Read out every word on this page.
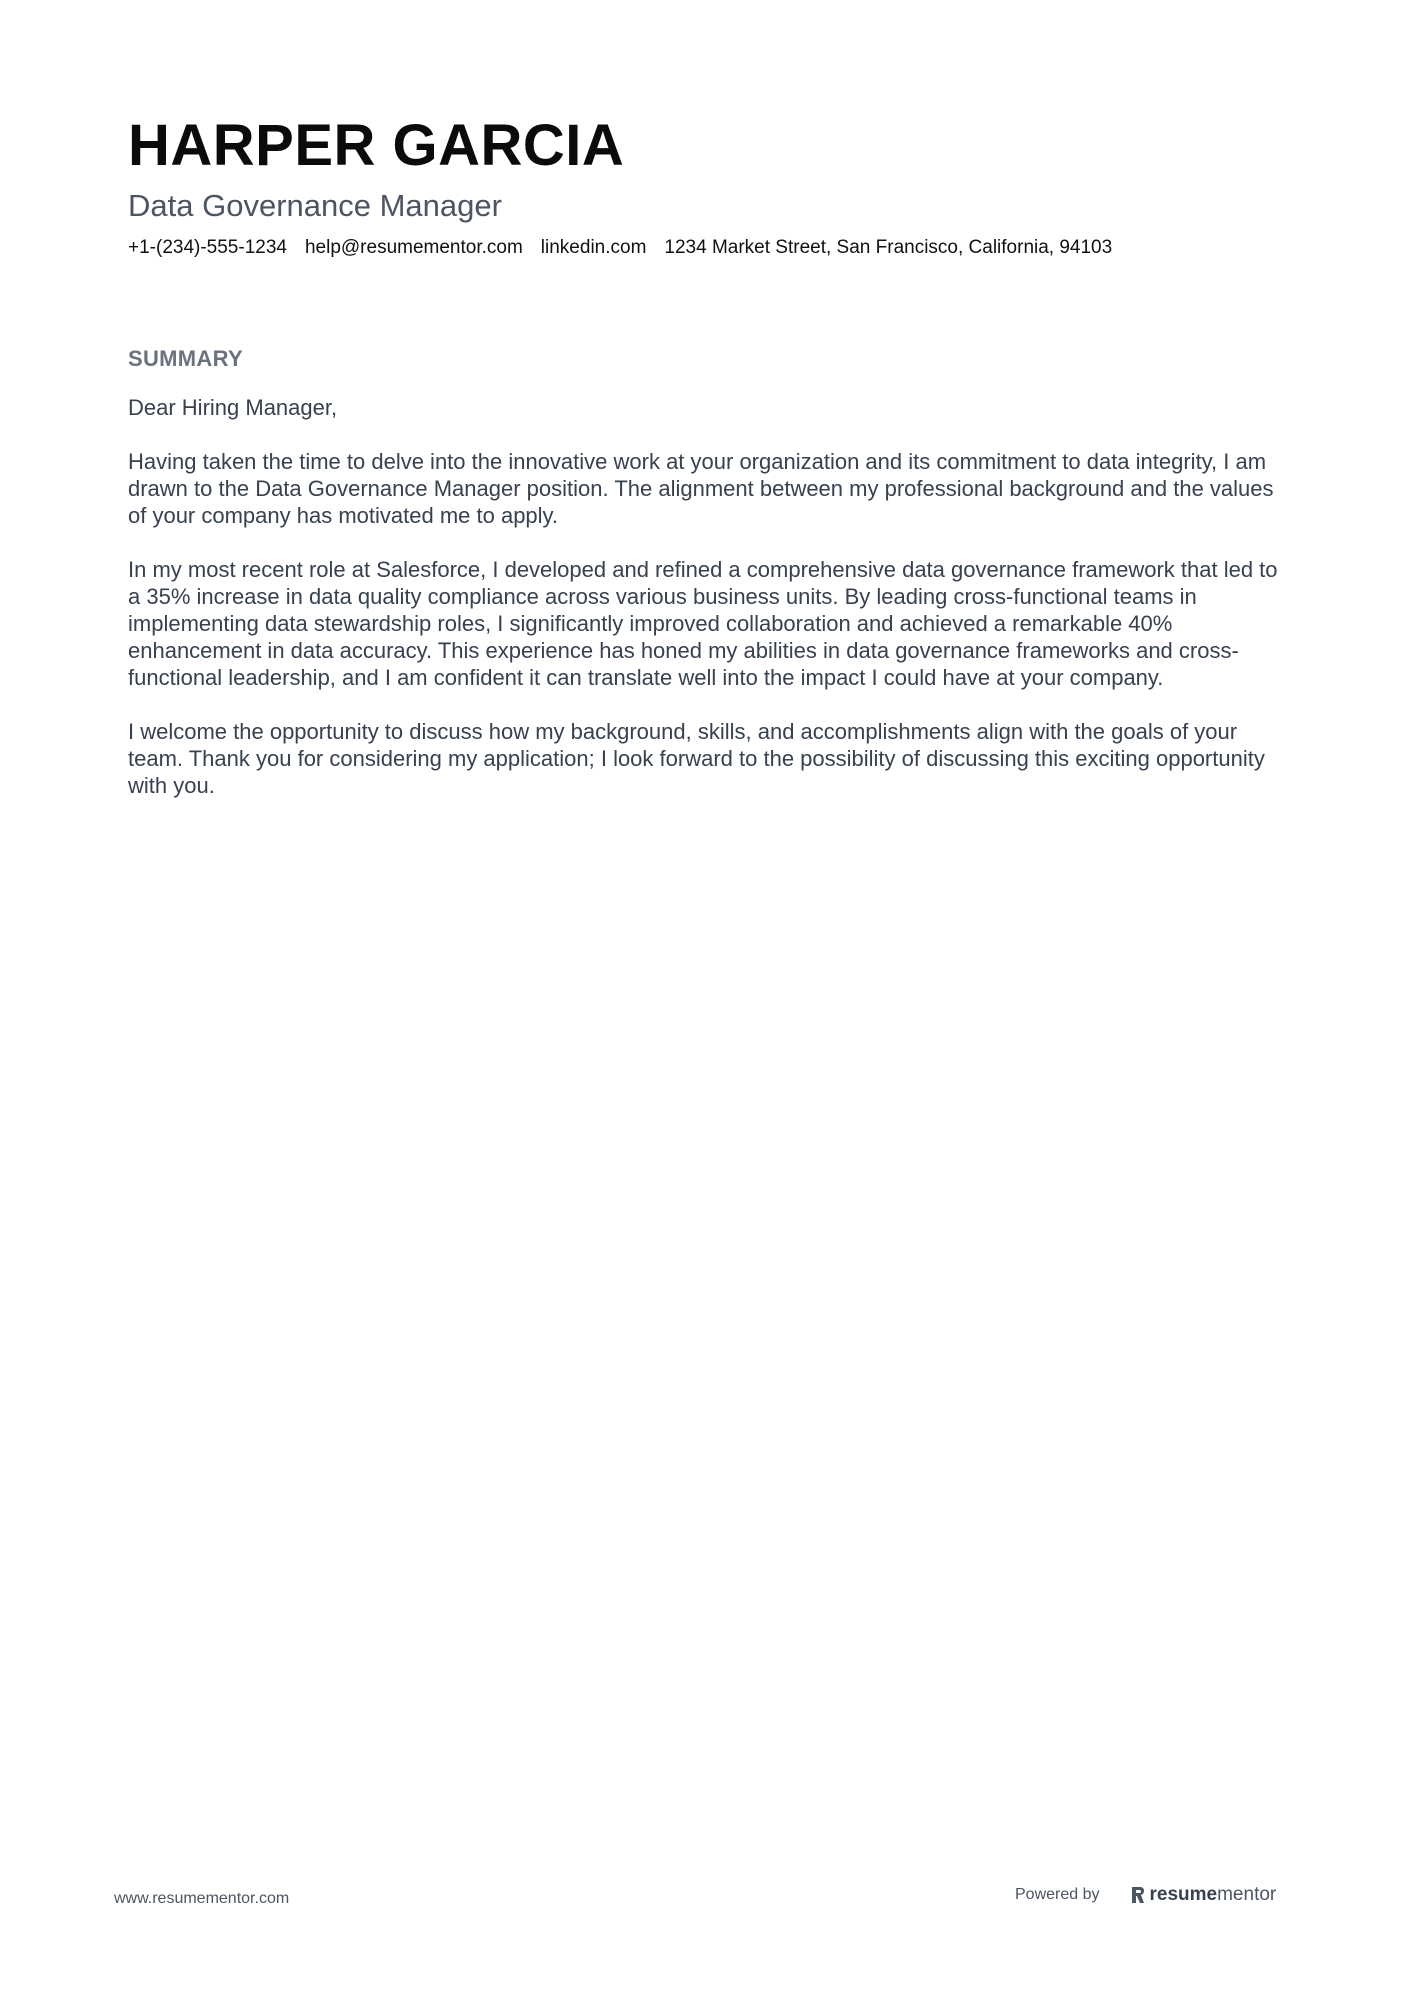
HARPER GARCIA
Data Governance Manager
+1-(234)-555-1234 help@resumementor.com linkedin.com 1234 Market Street, San Francisco, California, 94103
SUMMARY

Dear Hiring Manager,

Having taken the time to delve into the innovative work at your organization and its commitment to data integrity, I am drawn to the Data Governance Manager position. The alignment between my professional background and the values of your company has motivated me to apply.

In my most recent role at Salesforce, I developed and refined a comprehensive data governance framework that led to a 35% increase in data quality compliance across various business units. By leading cross-functional teams in implementing data stewardship roles, I significantly improved collaboration and achieved a remarkable 40% enhancement in data accuracy. This experience has honed my abilities in data governance frameworks and cross-functional leadership, and I am confident it can translate well into the impact I could have at your company.

I welcome the opportunity to discuss how my background, skills, and accomplishments align with the goals of your team. Thank you for considering my application; I look forward to the possibility of discussing this exciting opportunity with you.

www.resumementor.com	Powered by	resume mentor
